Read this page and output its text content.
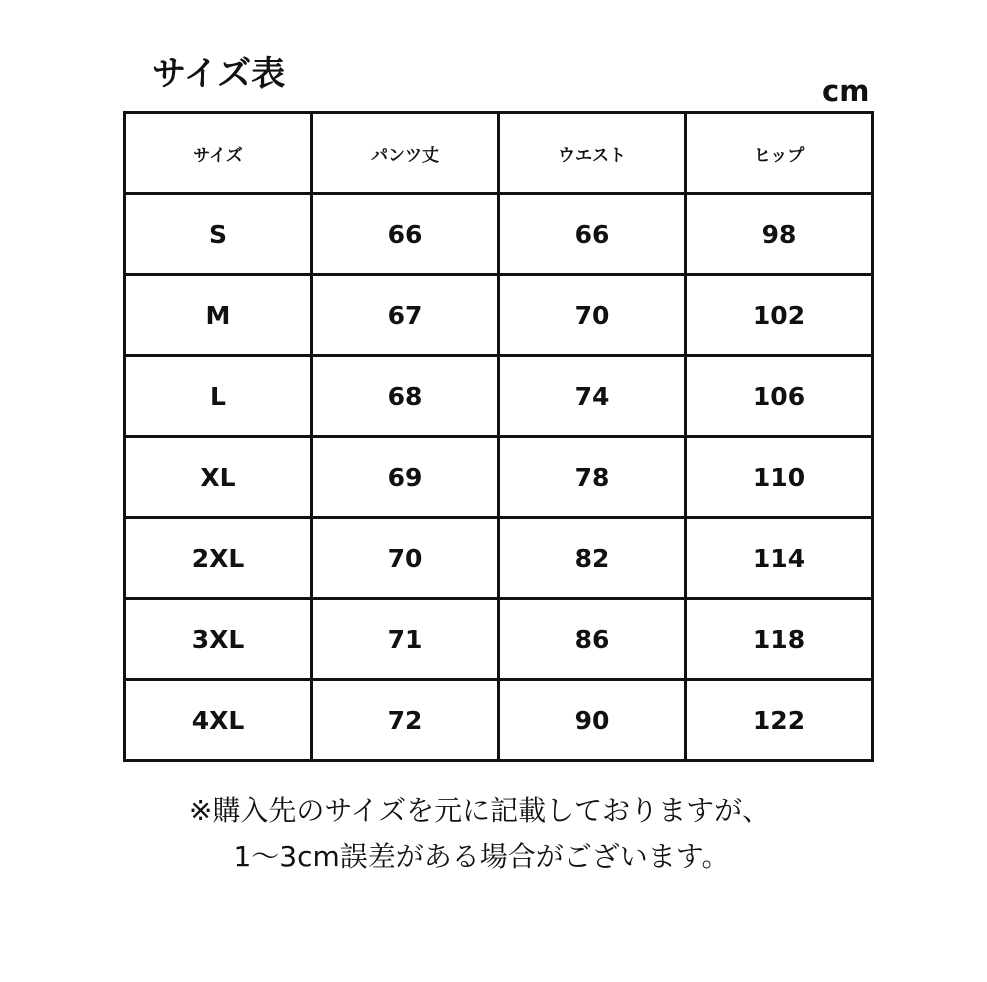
サイズ表	cm
サイズ	パンツ丈	ウエスト	ヒップ
S	66	66	98
M	67	70	102
L	68	74	106
XL	69	78	110
2XL	70	82	114
3XL	71	86	118
4XL	72	90	122
※購入先のサイズを元に記載しておりますが、
1〜3cm誤差がある場合がございます。
